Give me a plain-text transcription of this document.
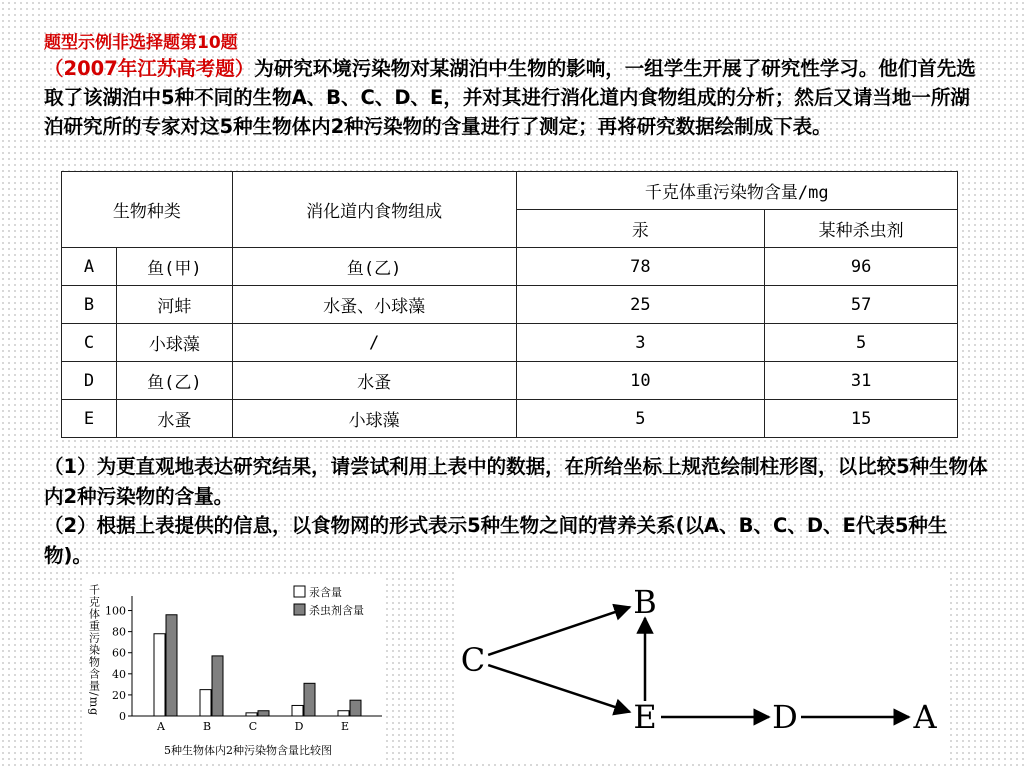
题型示例非选择题第10题
（2007年江苏高考题）为研究环境污染物对某湖泊中生物的影响，一组学生开展了研究性学习。他们首先选取了该湖泊中5种不同的生物A、B、C、D、E，并对其进行消化道内食物组成的分析；然后又请当地一所湖泊研究所的专家对这5种生物体内2种污染物的含量进行了测定；再将研究数据绘制成下表。
生物种类		消化道内食物组成	千克体重污染物含量/mg	
			汞	某种杀虫剂
A	鱼(甲)	鱼(乙)	78	96
B	河蚌	水蚤、小球藻	25	57
C	小球藻	/	3	5
D	鱼(乙)	水蚤	10	31
E	水蚤	小球藻	5	15
（1）为更直观地表达研究结果，请尝试利用上表中的数据，在所给坐标上规范绘制柱形图，以比较5种生物体内2种污染物的含量。
（2）根据上表提供的信息，以食物网的形式表示5种生物之间的营养关系(以A、B、C、D、E代表5种生物)。
0
20
40
60
80
100
千克体重污染物含量/mg
A	B	C	D	E
5种生物体内2种污染物含量比较图
汞含量
杀虫剂含量
C
B
E	D	A
